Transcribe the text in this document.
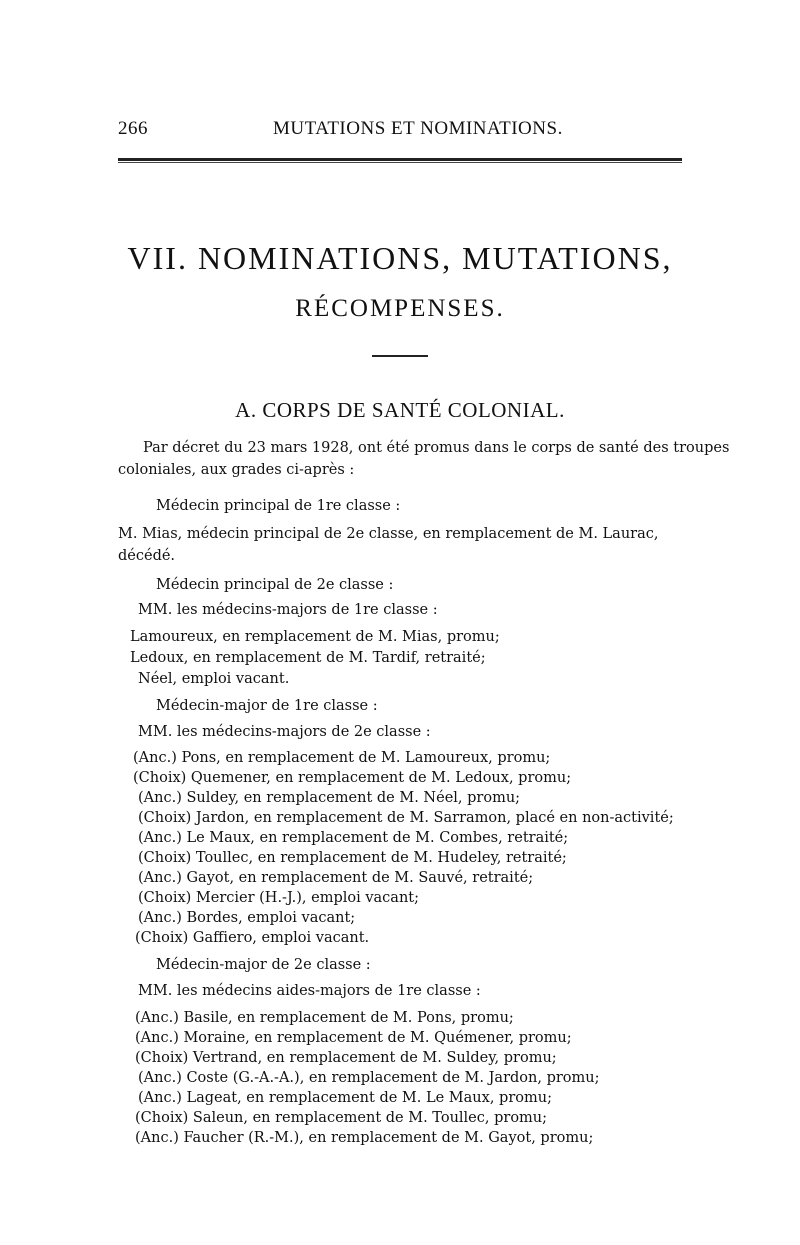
266	MUTATIONS ET NOMINATIONS.
VII. NOMINATIONS, MUTATIONS,
RÉCOMPENSES.
A. CORPS DE SANTÉ COLONIAL.
Par décret du 23 mars 1928, ont été promus dans le corps de santé des troupes
coloniales, aux grades ci-après :
Médecin principal de 1re classe :
M. Mias, médecin principal de 2e classe, en remplacement de M. Laurac,
décédé.
Médecin principal de 2e classe :
MM. les médecins-majors de 1re classe :
Lamoureux, en remplacement de M. Mias, promu;
Ledoux, en remplacement de M. Tardif, retraité;
Néel, emploi vacant.
Médecin-major de 1re classe :
MM. les médecins-majors de 2e classe :
(Anc.) Pons, en remplacement de M. Lamoureux, promu;
(Choix) Quemener, en remplacement de M. Ledoux, promu;
(Anc.) Suldey, en remplacement de M. Néel, promu;
(Choix) Jardon, en remplacement de M. Sarramon, placé en non-activité;
(Anc.) Le Maux, en remplacement de M. Combes, retraité;
(Choix) Toullec, en remplacement de M. Hudeley, retraité;
(Anc.) Gayot, en remplacement de M. Sauvé, retraité;
(Choix) Mercier (H.-J.), emploi vacant;
(Anc.) Bordes, emploi vacant;
(Choix) Gaffiero, emploi vacant.
Médecin-major de 2e classe :
MM. les médecins aides-majors de 1re classe :
(Anc.) Basile, en remplacement de M. Pons, promu;
(Anc.) Moraine, en remplacement de M. Quémener, promu;
(Choix) Vertrand, en remplacement de M. Suldey, promu;
(Anc.) Coste (G.-A.-A.), en remplacement de M. Jardon, promu;
(Anc.) Lageat, en remplacement de M. Le Maux, promu;
(Choix) Saleun, en remplacement de M. Toullec, promu;
(Anc.) Faucher (R.-M.), en remplacement de M. Gayot, promu;
